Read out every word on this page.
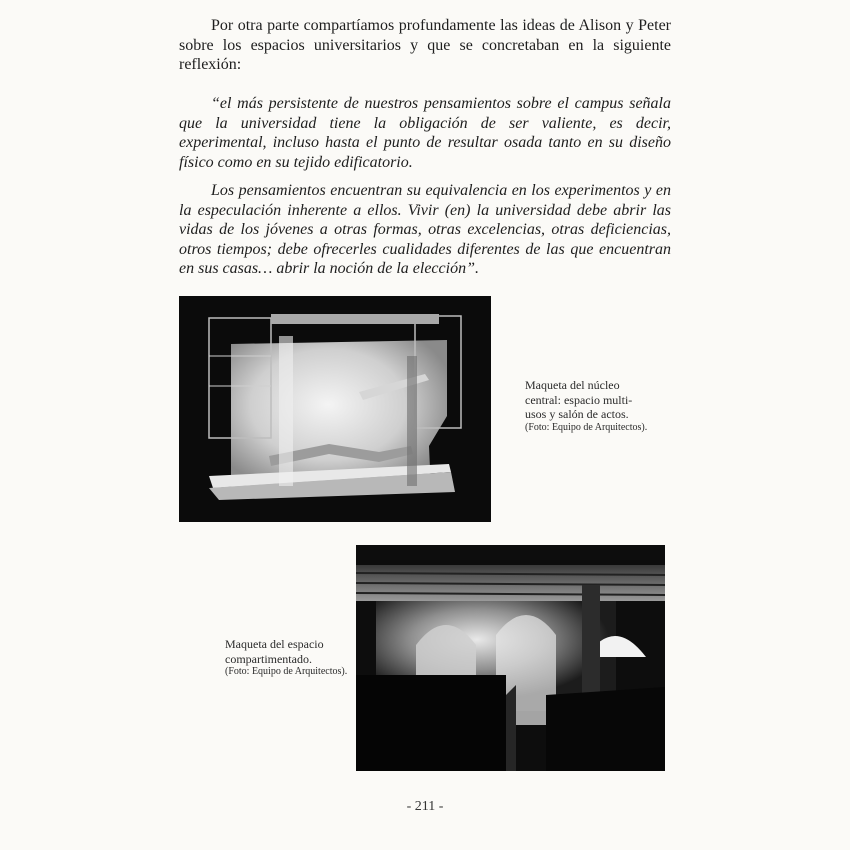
Por otra parte compartíamos profundamente las ideas de Alison y Peter sobre los espacios universitarios y que se concretaban en la siguiente reflexión:

“el más persistente de nuestros pensamientos sobre el campus señala que la universidad tiene la obligación de ser valiente, es decir, experimental, incluso hasta el punto de resultar osada tanto en su diseño físico como en su tejido edificatorio.

Los pensamientos encuentran su equivalencia en los experimentos y en la especulación inherente a ellos. Vivir (en) la universidad debe abrir las vidas de los jóvenes a otras formas, otras excelencias, otras deficiencias, otros tiempos; debe ofrecerles cualidades diferentes de las que encuentran en sus casas… abrir la noción de la elección”.

Maqueta del núcleo central: espacio multi-usos y salón de actos.
(Foto: Equipo de Arquitectos).
Maqueta del espacio compartimentado.
(Foto: Equipo de Arquitectos).
- 211 -
